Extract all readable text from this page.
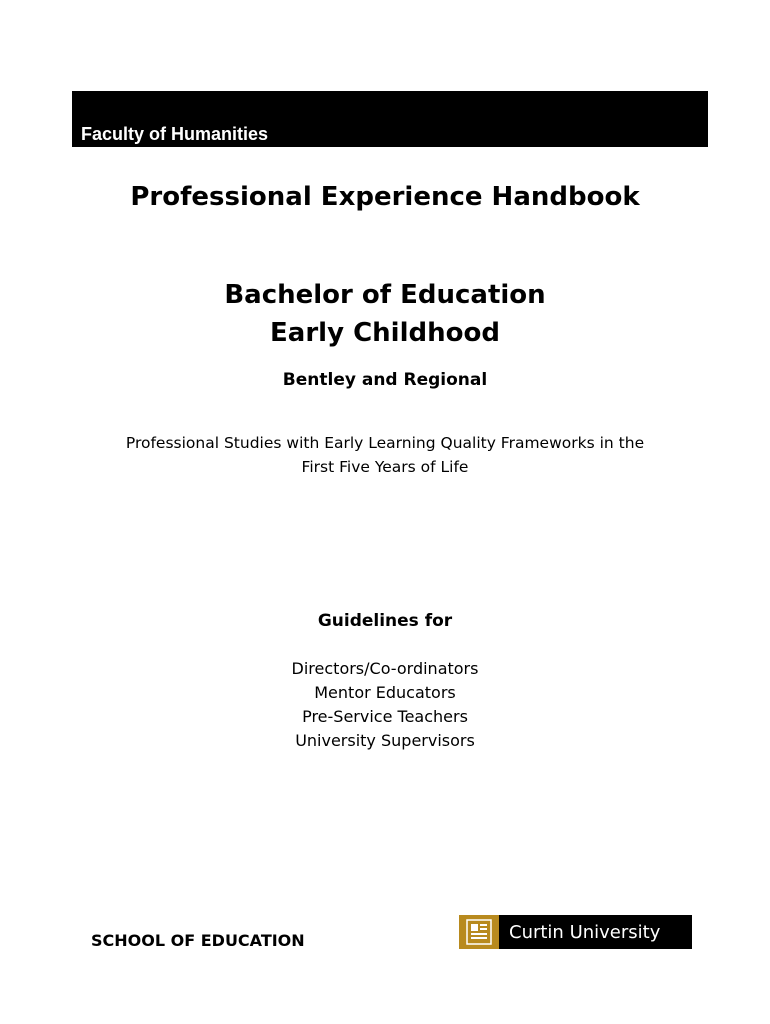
Faculty of Humanities
Professional Experience Handbook
Bachelor of Education
Early Childhood
Bentley and Regional
Professional Studies with Early Learning Quality Frameworks in the
First Five Years of Life
Guidelines for
Directors/Co-ordinators
Mentor Educators
Pre-Service Teachers
University Supervisors
SCHOOL OF EDUCATION	Curtin University
